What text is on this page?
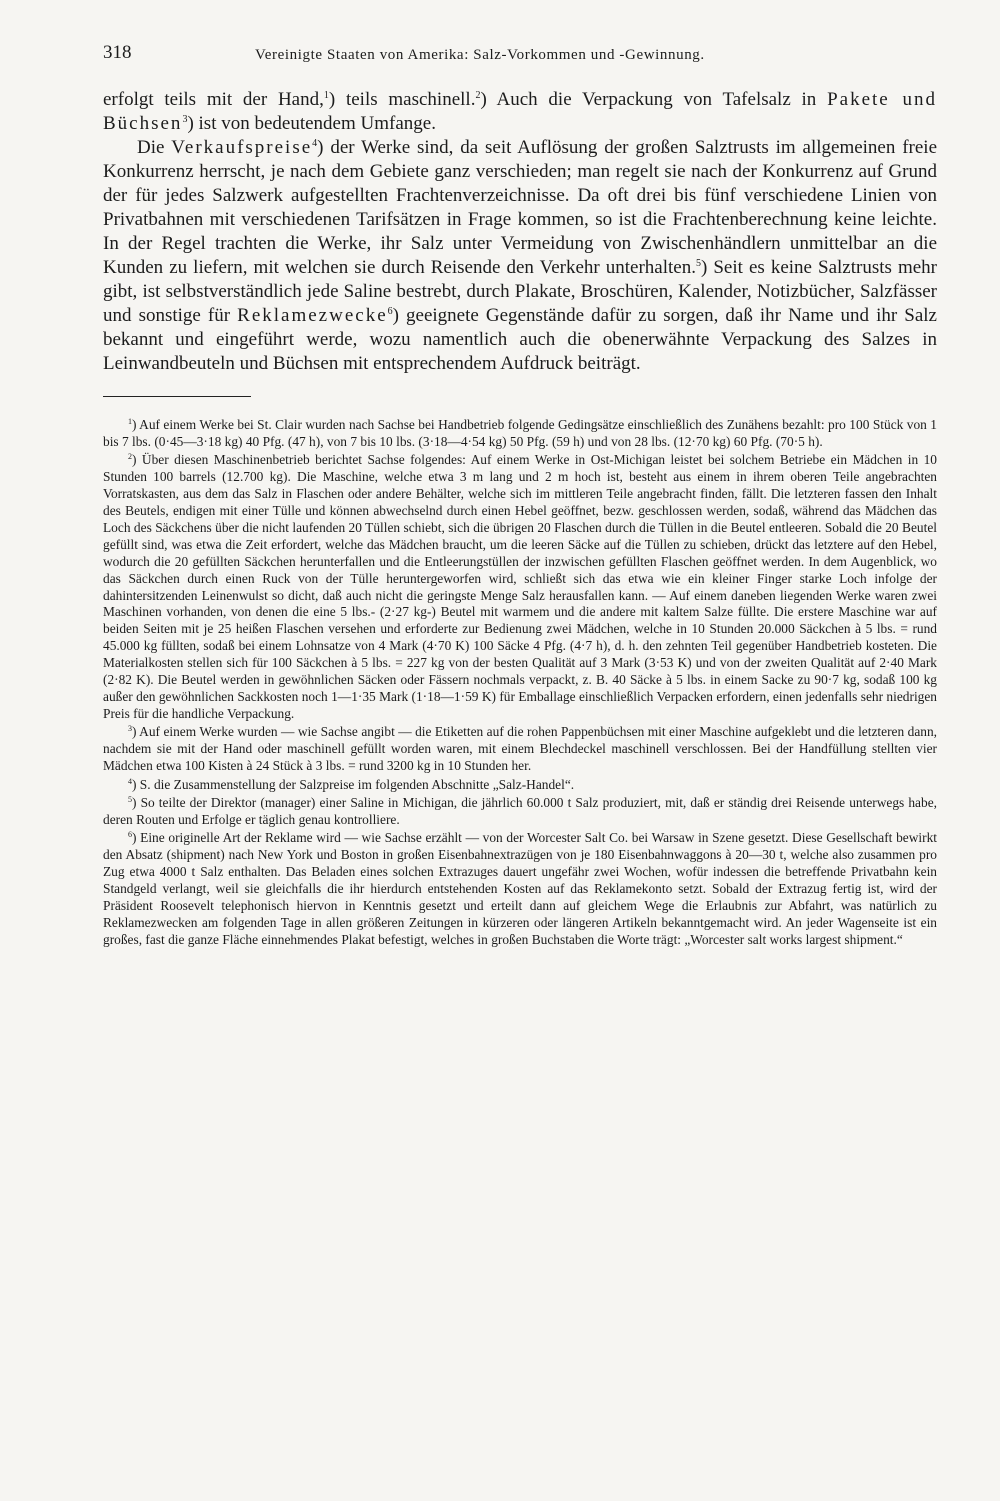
318	Vereinigte Staaten von Amerika: Salz-Vorkommen und -Gewinnung.

erfolgt teils mit der Hand,$^1$) teils maschinell.$^2$) Auch die Verpackung von Tafelsalz in Pakete und Büchsen$^3$) ist von bedeutendem Umfange.

Die Verkaufspreise$^4$) der Werke sind, da seit Auflösung der großen Salztrusts im allgemeinen freie Konkurrenz herrscht, je nach dem Gebiete ganz verschieden; man regelt sie nach der Konkurrenz auf Grund der für jedes Salzwerk aufgestellten Frachtenverzeichnisse. Da oft drei bis fünf verschiedene Linien von Privatbahnen mit verschiedenen Tarifsätzen in Frage kommen, so ist die Frachtenberechnung keine leichte. In der Regel trachten die Werke, ihr Salz unter Vermeidung von Zwischenhändlern unmittelbar an die Kunden zu liefern, mit welchen sie durch Reisende den Verkehr unterhalten.$^5$) Seit es keine Salztrusts mehr gibt, ist selbstverständlich jede Saline bestrebt, durch Plakate, Broschüren, Kalender, Notizbücher, Salzfässer und sonstige für Reklamezwecke$^6$) geeignete Gegenstände dafür zu sorgen, daß ihr Name und ihr Salz bekannt und eingeführt werde, wozu namentlich auch die obenerwähnte Verpackung des Salzes in Leinwandbeuteln und Büchsen mit entsprechendem Aufdruck beiträgt.

$^1$) Auf einem Werke bei St. Clair wurden nach Sachse bei Handbetrieb folgende Gedingsätze einschließlich des Zunähens bezahlt: pro 100 Stück von 1 bis 7 lbs. (0·45—3·18 kg) 40 Pfg. (47 h), von 7 bis 10 lbs. (3·18—4·54 kg) 50 Pfg. (59 h) und von 28 lbs. (12·70 kg) 60 Pfg. (70·5 h).

$^2$) Über diesen Maschinenbetrieb berichtet Sachse folgendes: Auf einem Werke in Ost-Michigan leistet bei solchem Betriebe ein Mädchen in 10 Stunden 100 barrels (12.700 kg). Die Maschine, welche etwa 3 m lang und 2 m hoch ist, besteht aus einem in ihrem oberen Teile angebrachten Vorratskasten, aus dem das Salz in Flaschen oder andere Behälter, welche sich im mittleren Teile angebracht finden, fällt. Die letzteren fassen den Inhalt des Beutels, endigen mit einer Tülle und können abwechselnd durch einen Hebel geöffnet, bezw. geschlossen werden, sodaß, während das Mädchen das Loch des Säckchens über die nicht laufenden 20 Tüllen schiebt, sich die übrigen 20 Flaschen durch die Tüllen in die Beutel entleeren. Sobald die 20 Beutel gefüllt sind, was etwa die Zeit erfordert, welche das Mädchen braucht, um die leeren Säcke auf die Tüllen zu schieben, drückt das letztere auf den Hebel, wodurch die 20 gefüllten Säckchen herunterfallen und die Entleerungstüllen der inzwischen gefüllten Flaschen geöffnet werden. In dem Augenblick, wo das Säckchen durch einen Ruck von der Tülle heruntergeworfen wird, schließt sich das etwa wie ein kleiner Finger starke Loch infolge der dahintersitzenden Leinenwulst so dicht, daß auch nicht die geringste Menge Salz herausfallen kann. — Auf einem daneben liegenden Werke waren zwei Maschinen vorhanden, von denen die eine 5 lbs.- (2·27 kg-) Beutel mit warmem und die andere mit kaltem Salze füllte. Die erstere Maschine war auf beiden Seiten mit je 25 heißen Flaschen versehen und erforderte zur Bedienung zwei Mädchen, welche in 10 Stunden 20.000 Säckchen à 5 lbs. = rund 45.000 kg füllten, sodaß bei einem Lohnsatze von 4 Mark (4·70 K) 100 Säcke 4 Pfg. (4·7 h), d. h. den zehnten Teil gegenüber Handbetrieb kosteten. Die Materialkosten stellen sich für 100 Säckchen à 5 lbs. = 227 kg von der besten Qualität auf 3 Mark (3·53 K) und von der zweiten Qualität auf 2·40 Mark (2·82 K). Die Beutel werden in gewöhnlichen Säcken oder Fässern nochmals verpackt, z. B. 40 Säcke à 5 lbs. in einem Sacke zu 90·7 kg, sodaß 100 kg außer den gewöhnlichen Sackkosten noch 1—1·35 Mark (1·18—1·59 K) für Emballage einschließlich Verpacken erfordern, einen jedenfalls sehr niedrigen Preis für die handliche Verpackung.

$^3$) Auf einem Werke wurden — wie Sachse angibt — die Etiketten auf die rohen Pappenbüchsen mit einer Maschine aufgeklebt und die letzteren dann, nachdem sie mit der Hand oder maschinell gefüllt worden waren, mit einem Blechdeckel maschinell verschlossen. Bei der Handfüllung stellten vier Mädchen etwa 100 Kisten à 24 Stück à 3 lbs. = rund 3200 kg in 10 Stunden her.

$^4$) S. die Zusammenstellung der Salzpreise im folgenden Abschnitte „Salz-Handel“.

$^5$) So teilte der Direktor (manager) einer Saline in Michigan, die jährlich 60.000 t Salz produziert, mit, daß er ständig drei Reisende unterwegs habe, deren Routen und Erfolge er täglich genau kontrolliere.

$^6$) Eine originelle Art der Reklame wird — wie Sachse erzählt — von der Worcester Salt Co. bei Warsaw in Szene gesetzt. Diese Gesellschaft bewirkt den Absatz (shipment) nach New York und Boston in großen Eisenbahnextrazügen von je 180 Eisenbahnwaggons à 20—30 t, welche also zusammen pro Zug etwa 4000 t Salz enthalten. Das Beladen eines solchen Extrazuges dauert ungefähr zwei Wochen, wofür indessen die betreffende Privatbahn kein Standgeld verlangt, weil sie gleichfalls die ihr hierdurch entstehenden Kosten auf das Reklamekonto setzt. Sobald der Extrazug fertig ist, wird der Präsident Roosevelt telephonisch hiervon in Kenntnis gesetzt und erteilt dann auf gleichem Wege die Erlaubnis zur Abfahrt, was natürlich zu Reklamezwecken am folgenden Tage in allen größeren Zeitungen in kürzeren oder längeren Artikeln bekanntgemacht wird. An jeder Wagenseite ist ein großes, fast die ganze Fläche einnehmendes Plakat befestigt, welches in großen Buchstaben die Worte trägt: „Worcester salt works largest shipment.“
